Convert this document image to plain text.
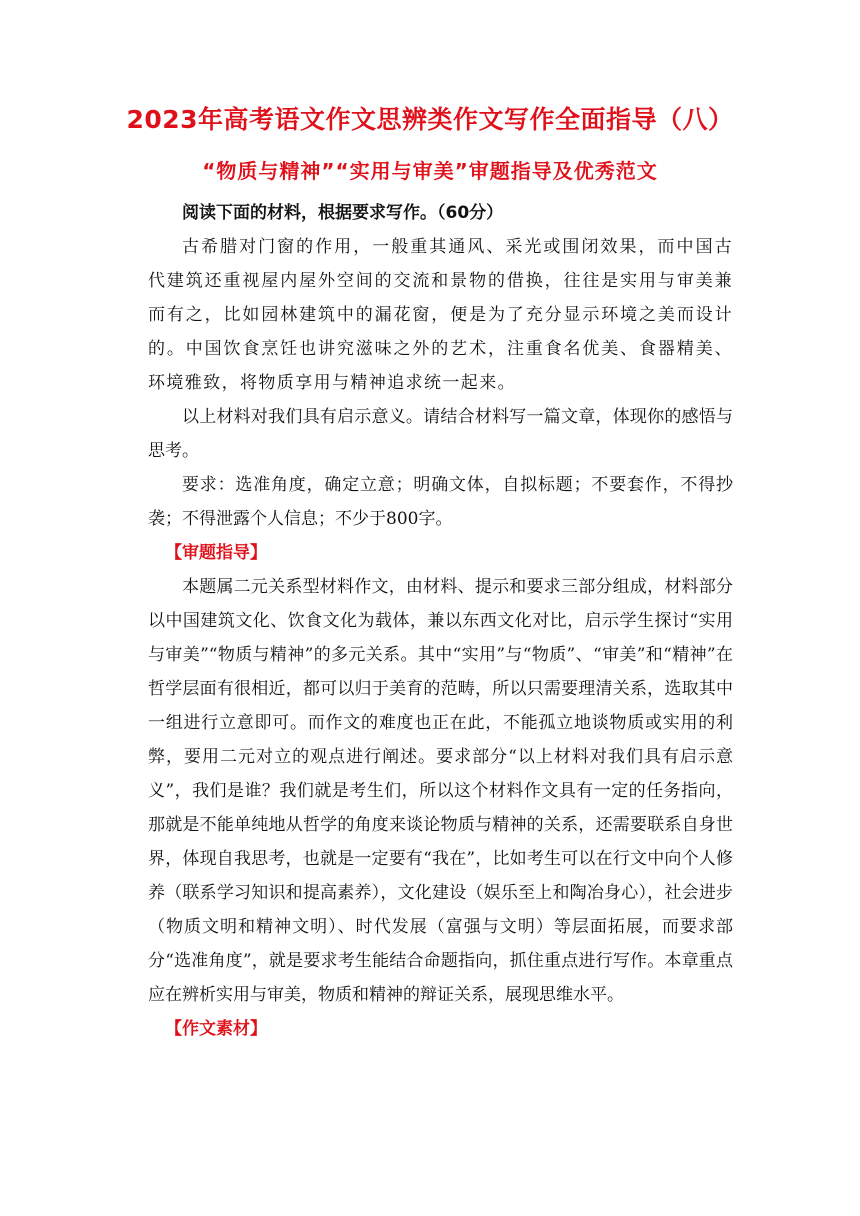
2023年高考语文作文思辨类作文写作全面指导（八）
“物质与精神”“实用与审美”审题指导及优秀范文

阅读下面的材料，根据要求写作。（60分）

古希腊对门窗的作用，一般重其通风、采光或围闭效果，而中国古代建筑还重视屋内屋外空间的交流和景物的借换，往往是实用与审美兼而有之，比如园林建筑中的漏花窗，便是为了充分显示环境之美而设计的。中国饮食烹饪也讲究滋味之外的艺术，注重食名优美、食器精美、环境雅致，将物质享用与精神追求统一起来。

以上材料对我们具有启示意义。请结合材料写一篇文章，体现你的感悟与思考。

要求：选准角度，确定立意；明确文体，自拟标题；不要套作，不得抄袭；不得泄露个人信息；不少于800字。

【审题指导】

本题属二元关系型材料作文，由材料、提示和要求三部分组成，材料部分以中国建筑文化、饮食文化为载体，兼以东西文化对比，启示学生探讨“实用与审美”“物质与精神”的多元关系。其中“实用”与“物质”、“审美”和“精神”在哲学层面有很相近，都可以归于美育的范畴，所以只需要理清关系，选取其中一组进行立意即可。而作文的难度也正在此，不能孤立地谈物质或实用的利弊，要用二元对立的观点进行阐述。要求部分“以上材料对我们具有启示意义”，我们是谁？我们就是考生们，所以这个材料作文具有一定的任务指向，那就是不能单纯地从哲学的角度来谈论物质与精神的关系，还需要联系自身世界，体现自我思考，也就是一定要有“我在”，比如考生可以在行文中向个人修养（联系学习知识和提高素养），文化建设（娱乐至上和陶冶身心），社会进步（物质文明和精神文明）、时代发展（富强与文明）等层面拓展，而要求部分“选准角度”，就是要求考生能结合命题指向，抓住重点进行写作。本章重点应在辨析实用与审美，物质和精神的辩证关系，展现思维水平。

【作文素材】
